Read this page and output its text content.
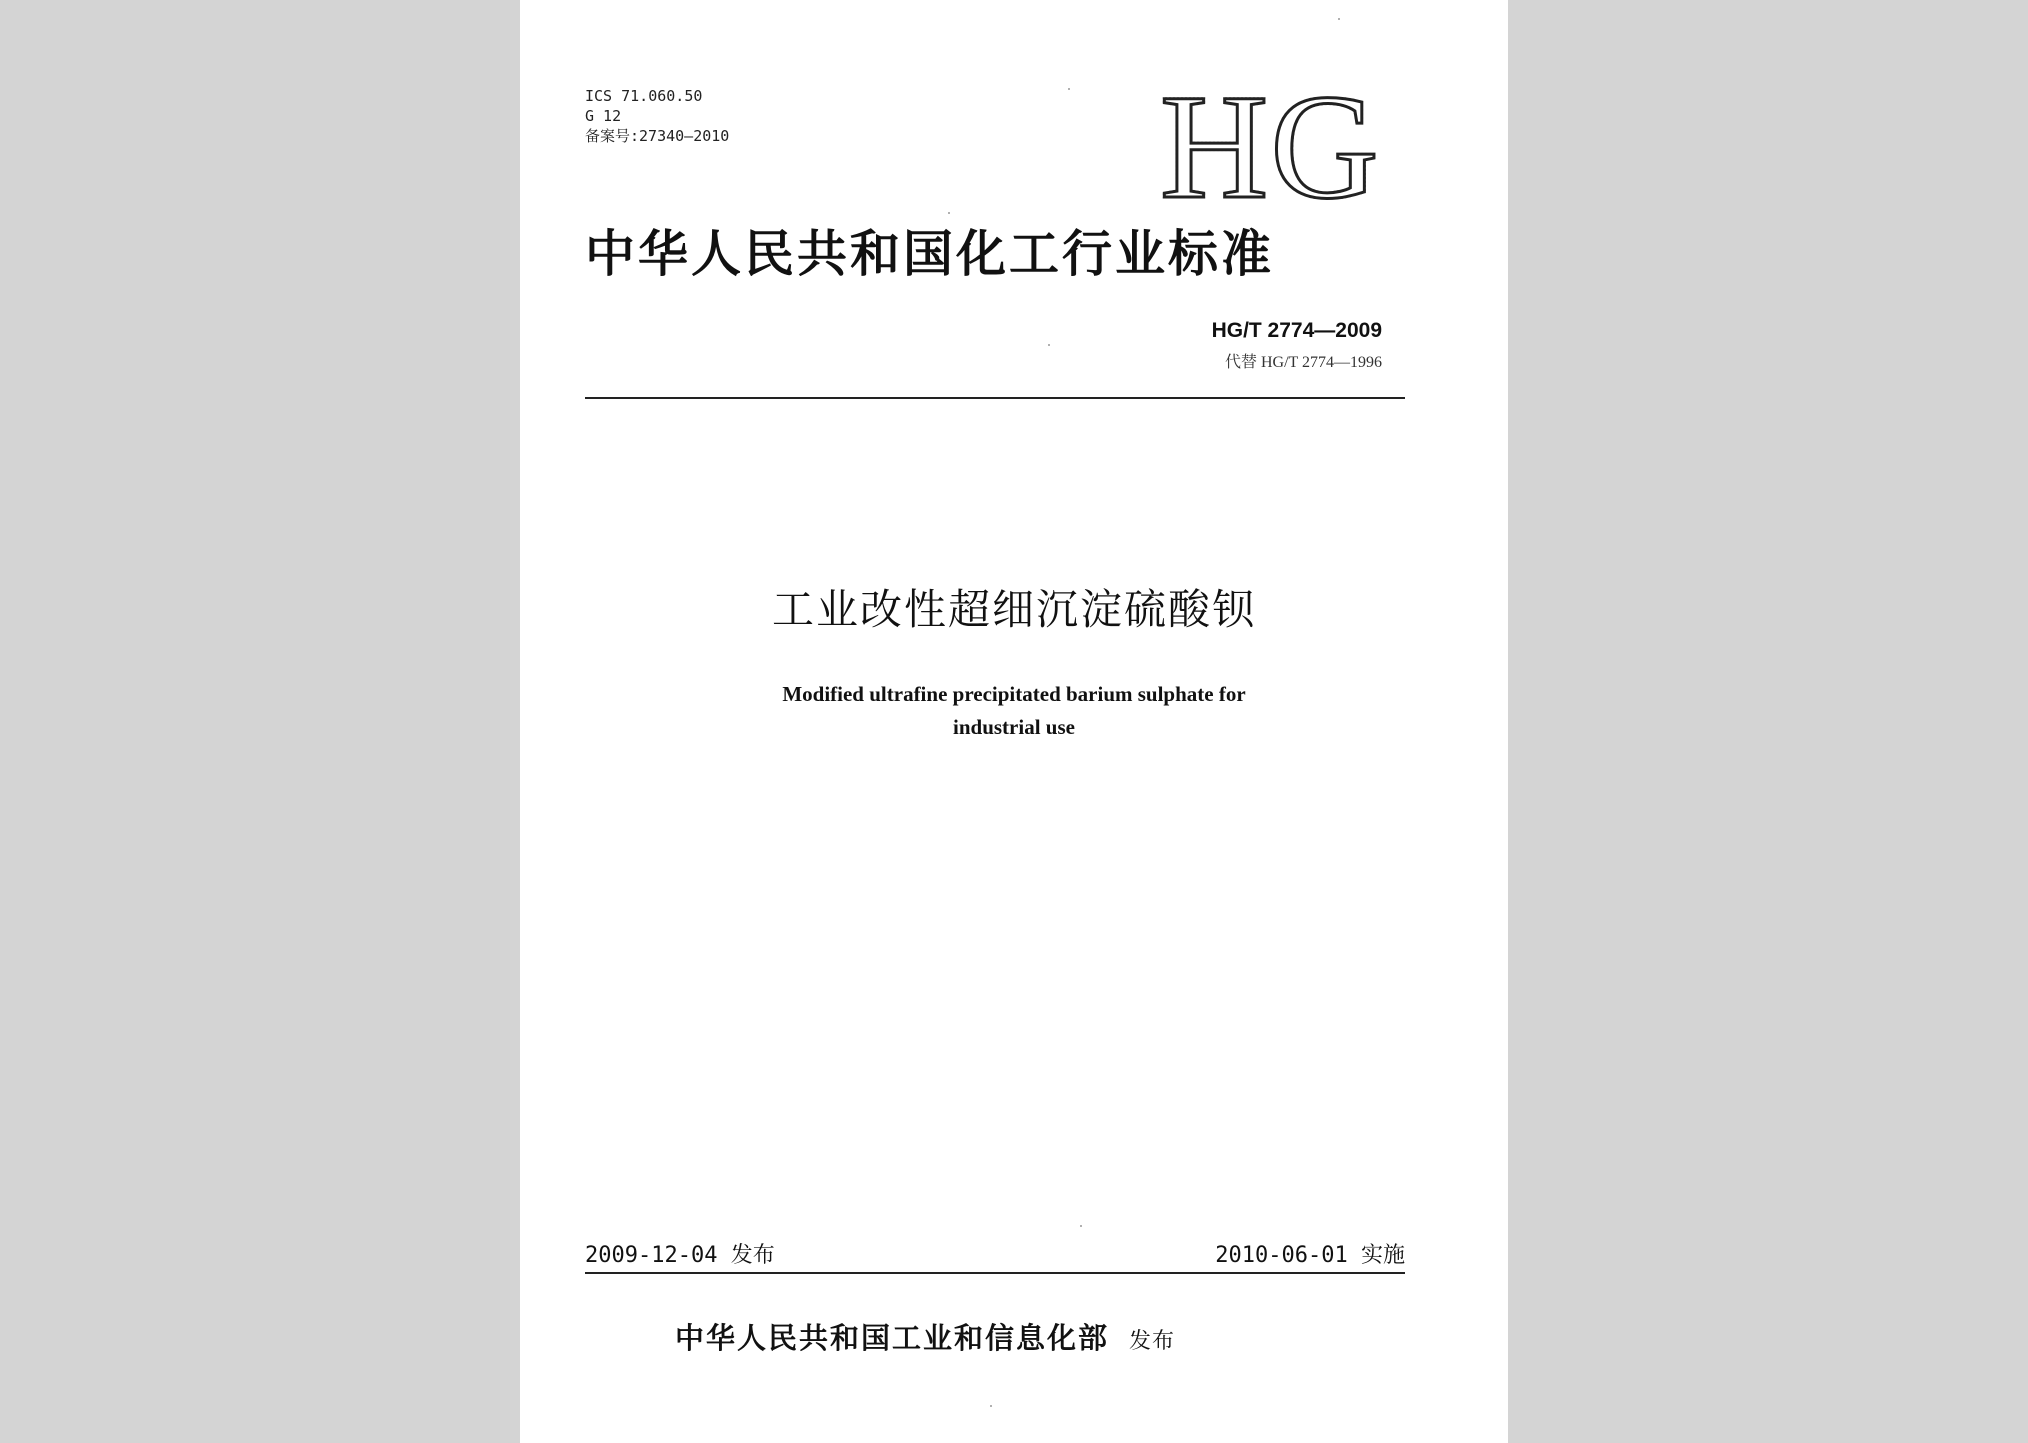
ICS 71.060.50
G 12
备案号:27340—2010	HG
中华人民共和国化工行业标准
HG/T 2774—2009
代替 HG/T 2774—1996
工业改性超细沉淀硫酸钡
Modified ultrafine precipitated barium sulphate for
industrial use
2009-12-04 发布	2010-06-01 实施
中华人民共和国工业和信息化部 发布
